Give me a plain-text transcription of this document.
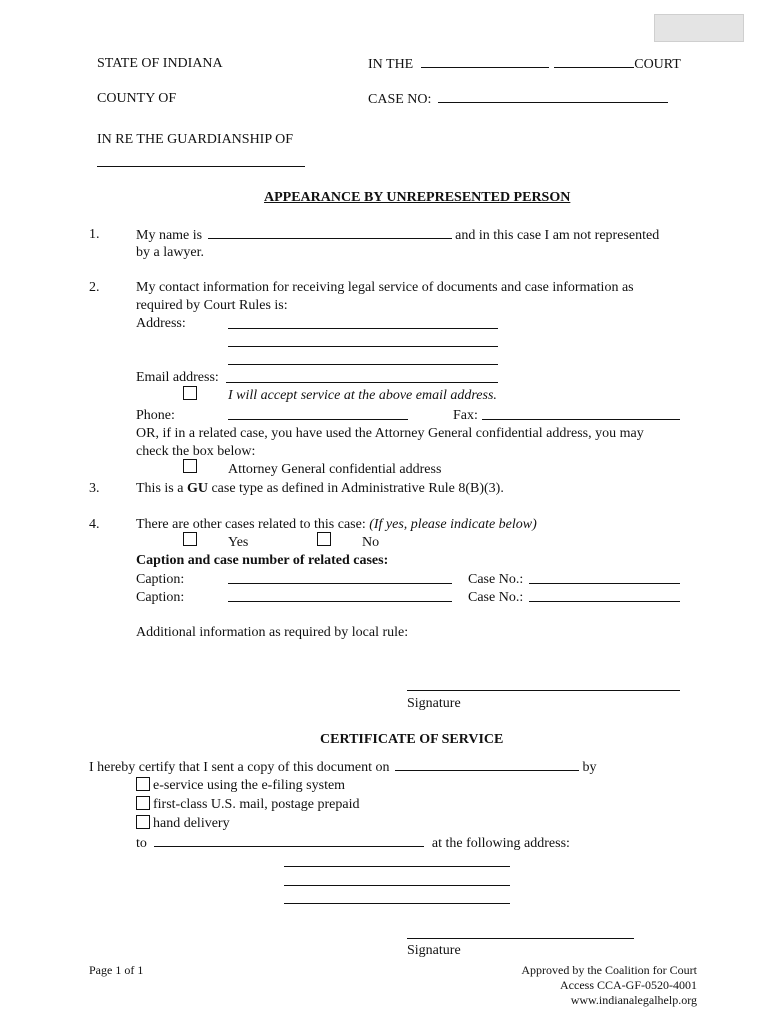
STATE OF INDIANA	IN THE	COURT
COUNTY OF	CASE NO:
IN RE THE GUARDIANSHIP OF
APPEARANCE BY UNREPRESENTED PERSON
1.	My name is	and in this case I am not represented
by a lawyer.
2.	My contact information for receiving legal service of documents and case information as
required by Court Rules is:
Address:
Email address:
I will accept service at the above email address.
Phone:	Fax:
OR, if in a related case, you have used the Attorney General confidential address, you may
check the box below:
Attorney General confidential address
3.	This is a GU case type as defined in Administrative Rule 8(B)(3).
4.	There are other cases related to this case: (If yes, please indicate below)
Yes	No
Caption and case number of related cases:
Caption:	Case No.:
Caption:	Case No.:
Additional information as required by local rule:
Signature
CERTIFICATE OF SERVICE
I hereby certify that I sent a copy of this document on	by
e-service using the e-filing system
first-class U.S. mail, postage prepaid
hand delivery
to	at the following address:
Signature
Page 1 of 1	Approved by the Coalition for Court
Access CCA-GF-0520-4001
www.indianalegalhelp.org
